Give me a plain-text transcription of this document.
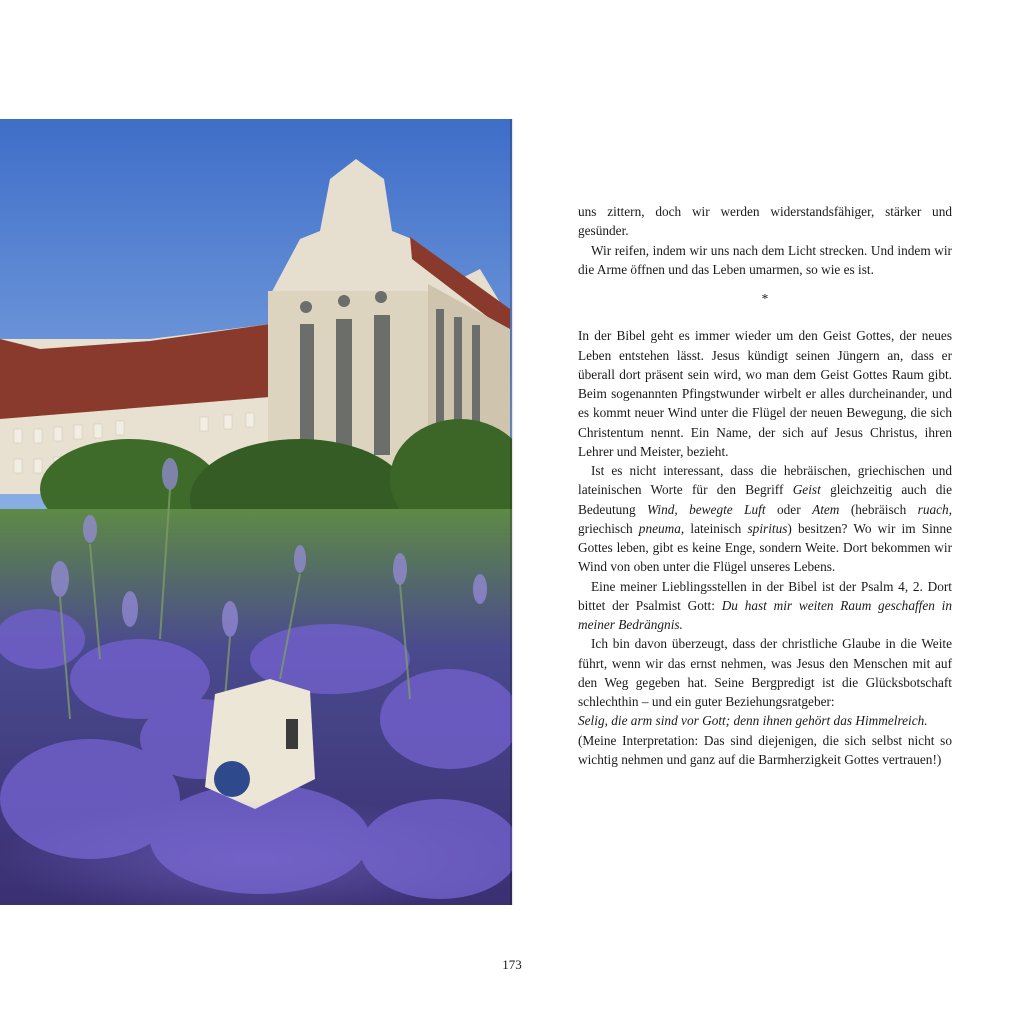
uns zittern, doch wir werden widerstandsfähiger, stärker und gesünder.

Wir reifen, indem wir uns nach dem Licht strecken. Und indem wir die Arme öffnen und das Leben umarmen, so wie es ist.

*

In der Bibel geht es immer wieder um den Geist Gottes, der neues Leben entstehen lässt. Jesus kündigt seinen Jüngern an, dass er überall dort präsent sein wird, wo man dem Geist Gottes Raum gibt. Beim sogenannten Pfingstwunder wirbelt er alles durcheinander, und es kommt neuer Wind unter die Flügel der neuen Bewegung, die sich Christentum nennt. Ein Name, der sich auf Jesus Christus, ihren Lehrer und Meister, bezieht.

Ist es nicht interessant, dass die hebräischen, griechischen und lateinischen Worte für den Begriff Geist gleichzeitig auch die Bedeutung Wind, bewegte Luft oder Atem (hebräisch ruach, griechisch pneuma, lateinisch spiritus) besitzen? Wo wir im Sinne Gottes leben, gibt es keine Enge, sondern Weite. Dort bekommen wir Wind von oben unter die Flügel unseres Lebens.

Eine meiner Lieblingsstellen in der Bibel ist der Psalm 4, 2. Dort bittet der Psalmist Gott: Du hast mir weiten Raum geschaffen in meiner Bedrängnis.

Ich bin davon überzeugt, dass der christliche Glaube in die Weite führt, wenn wir das ernst nehmen, was Jesus den Menschen mit auf den Weg gegeben hat. Seine Bergpredigt ist die Glücksbotschaft schlechthin – und ein guter Beziehungsratgeber:

Selig, die arm sind vor Gott; denn ihnen gehört das Himmelreich.

(Meine Interpretation: Das sind diejenigen, die sich selbst nicht so wichtig nehmen und ganz auf die Barmherzigkeit Gottes vertrauen!)

173
